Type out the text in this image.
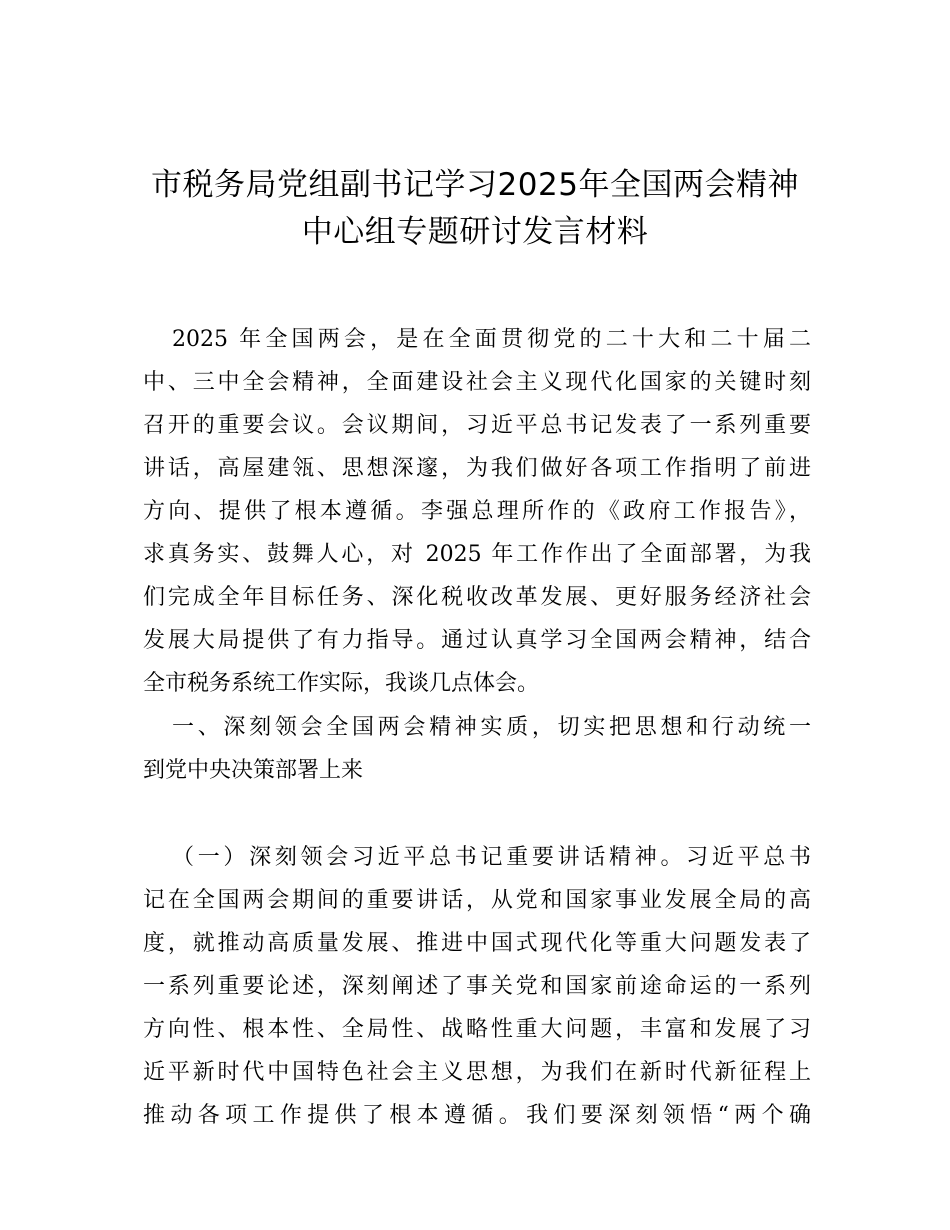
市税务局党组副书记学习2025年全国两会精神
中心组专题研讨发言材料
2025 年全国两会，是在全面贯彻党的二十大和二十届二
中、三中全会精神，全面建设社会主义现代化国家的关键时刻
召开的重要会议。会议期间，习近平总书记发表了一系列重要
讲话，高屋建瓴、思想深邃，为我们做好各项工作指明了前进
方向、提供了根本遵循。李强总理所作的《政府工作报告》，
求真务实、鼓舞人心，对 2025 年工作作出了全面部署，为我
们完成全年目标任务、深化税收改革发展、更好服务经济社会
发展大局提供了有力指导。通过认真学习全国两会精神，结合
全市税务系统工作实际，我谈几点体会。
一、深刻领会全国两会精神实质，切实把思想和行动统一
到党中央决策部署上来
（一）深刻领会习近平总书记重要讲话精神。习近平总书
记在全国两会期间的重要讲话，从党和国家事业发展全局的高
度，就推动高质量发展、推进中国式现代化等重大问题发表了
一系列重要论述，深刻阐述了事关党和国家前途命运的一系列
方向性、根本性、全局性、战略性重大问题，丰富和发展了习
近平新时代中国特色社会主义思想，为我们在新时代新征程上
推动各项工作提供了根本遵循。我们要深刻领悟“两个确
